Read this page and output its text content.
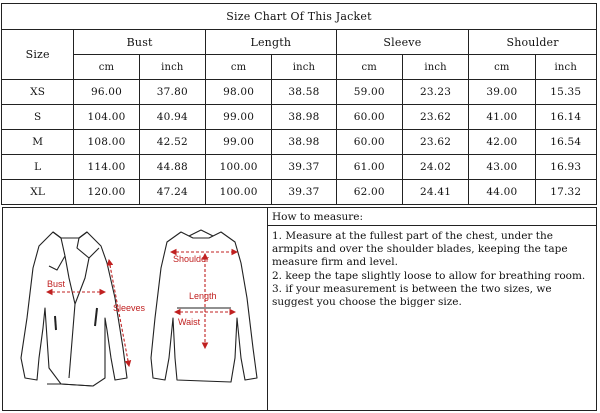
Size Chart Of This Jacket								
Size	Bust		Length		Sleeve		Shoulder	
	cm	inch	cm	inch	cm	inch	cm	inch
XS	96.00	37.80	98.00	38.58	59.00	23.23	39.00	15.35
S	104.00	40.94	99.00	38.98	60.00	23.62	41.00	16.14
M	108.00	42.52	99.00	38.98	60.00	23.62	42.00	16.54
L	114.00	44.88	100.00	39.37	61.00	24.02	43.00	16.93
XL	120.00	47.24	100.00	39.37	62.00	24.41	44.00	17.32
Bust
Sleeves
Shoulder
Length
Waist
How to measure:

1. Measure at the fullest part of the chest, under the armpits and over the shoulder blades, keeping the tape measure firm and level.

2. keep the tape slightly loose to allow for breathing room.

3. if your measurement is between the two sizes, we suggest you choose the bigger size.
